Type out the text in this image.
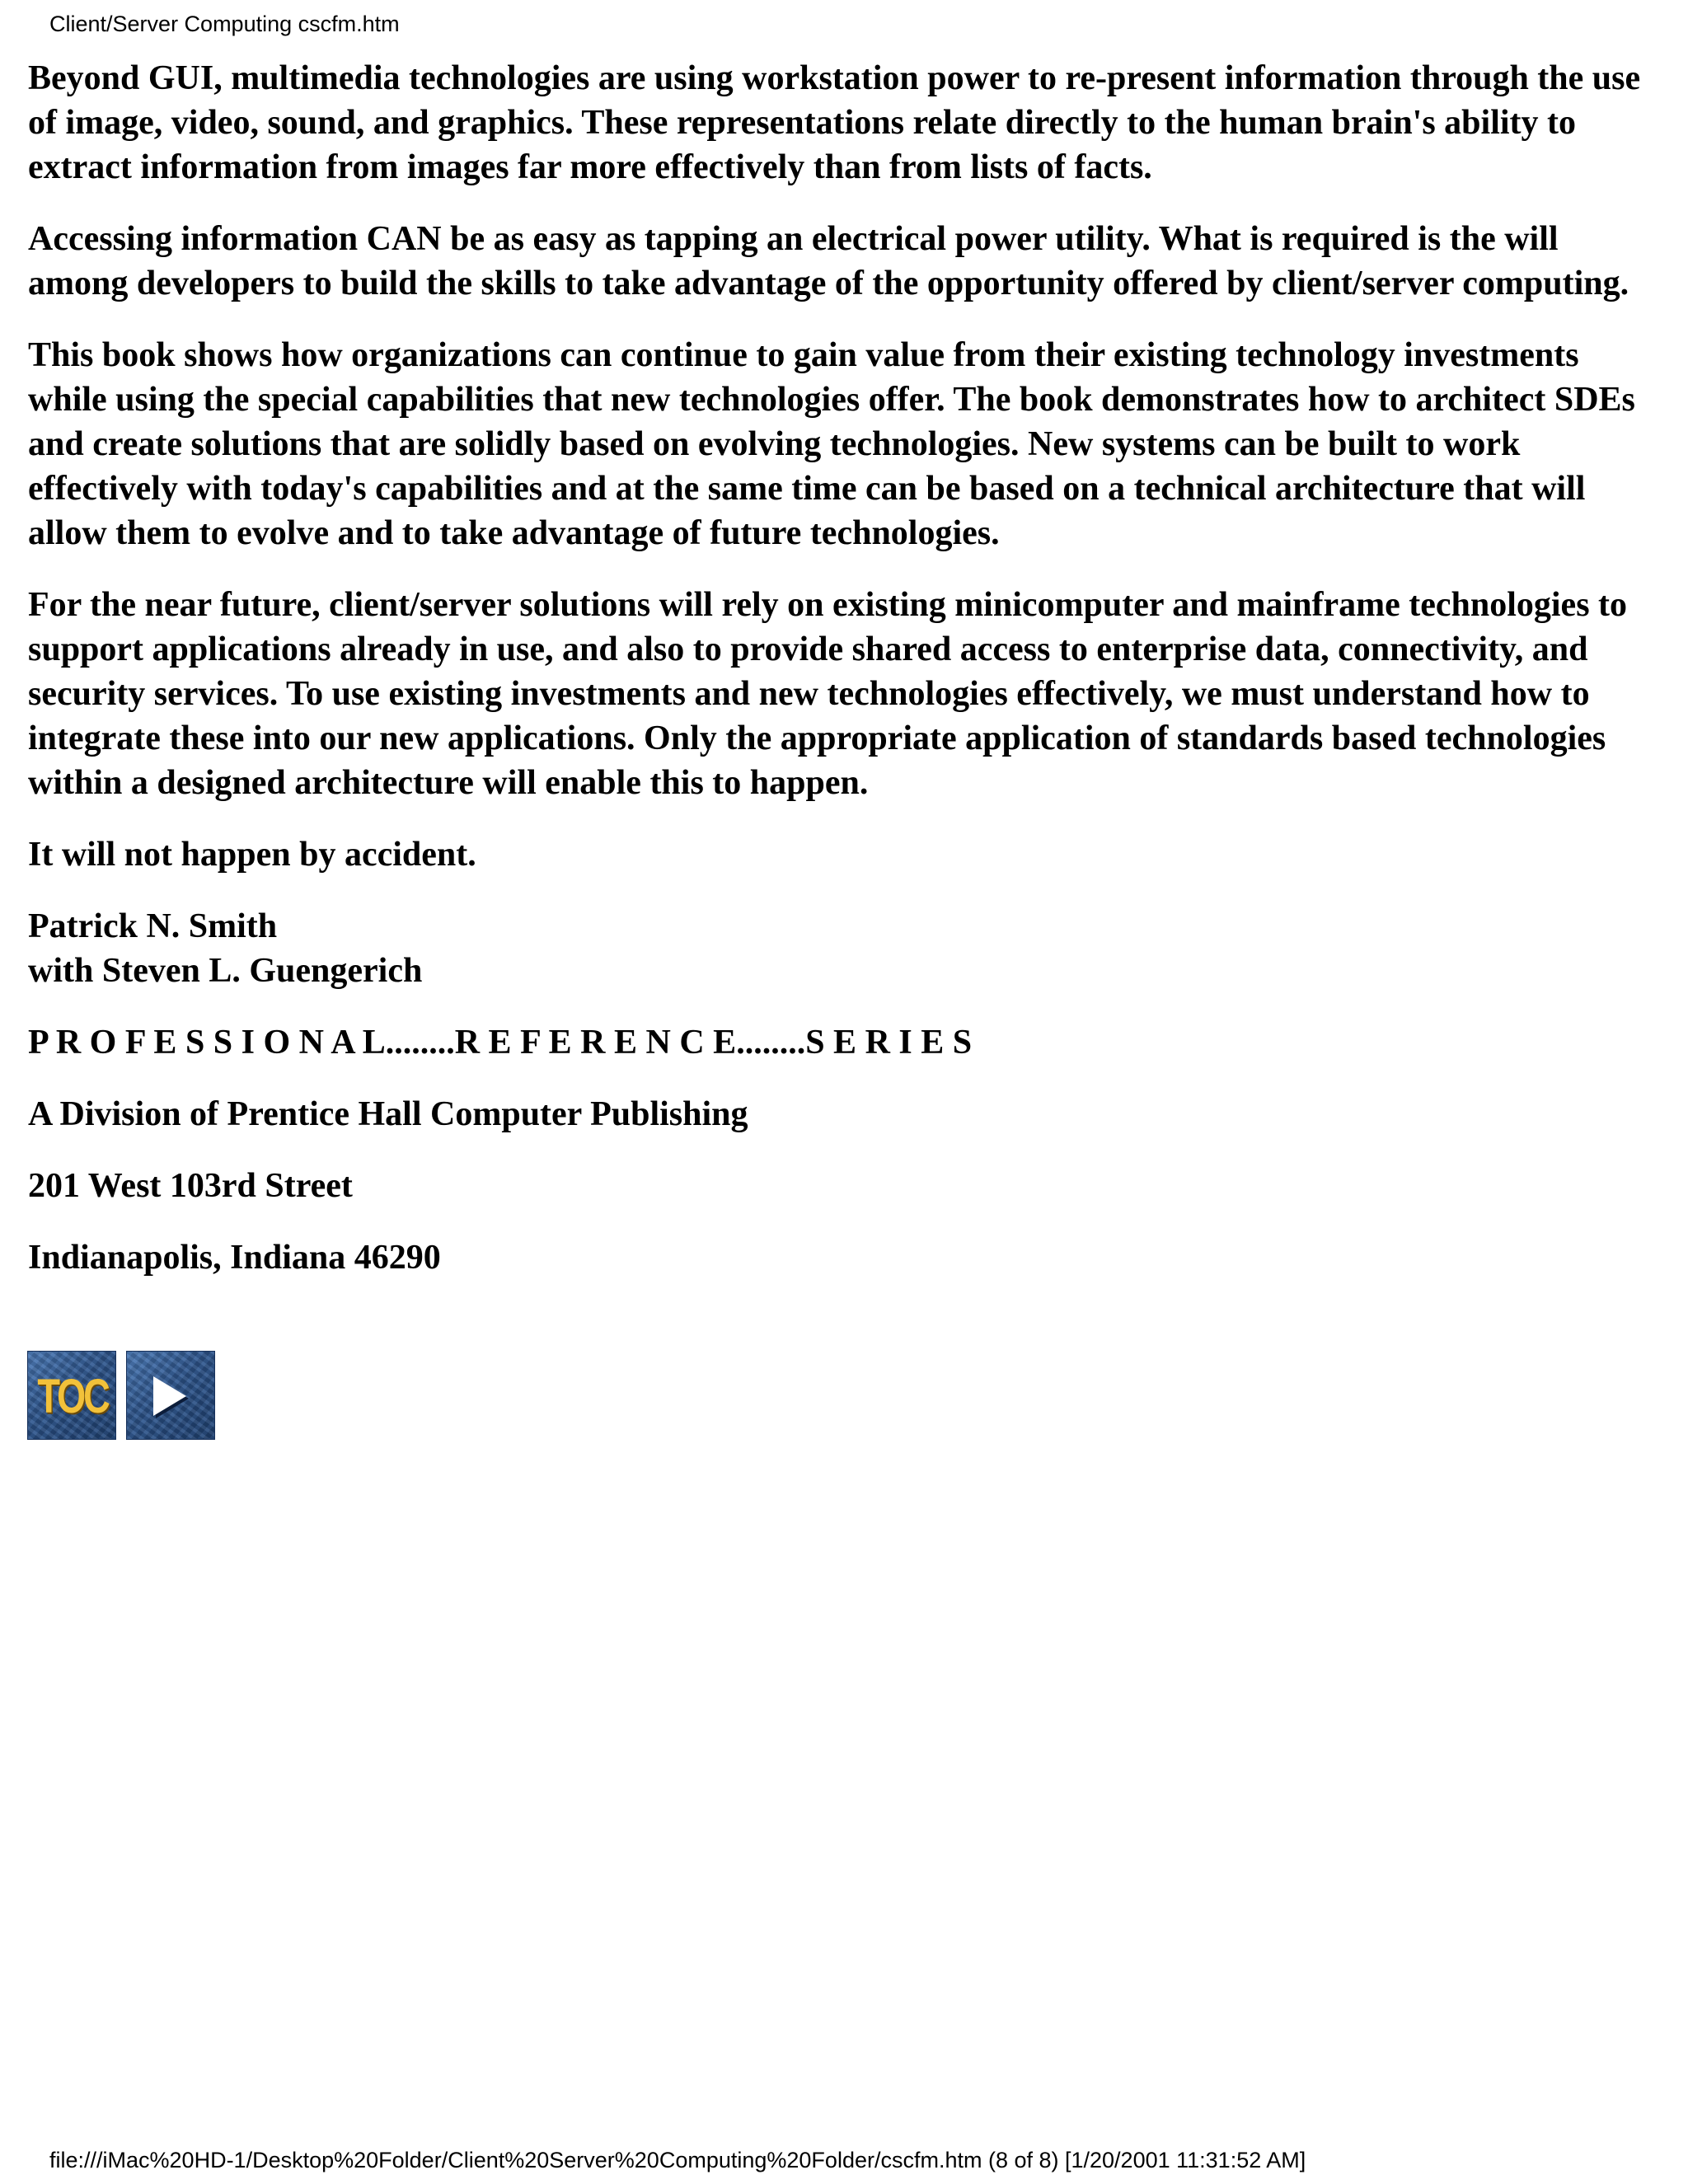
Client/Server Computing cscfm.htm

Beyond GUI, multimedia technologies are using workstation power to re-present information through the use of image, video, sound, and graphics. These representations relate directly to the human brain's ability to extract information from images far more effectively than from lists of facts.

Accessing information CAN be as easy as tapping an electrical power utility. What is required is the will among developers to build the skills to take advantage of the opportunity offered by client/server computing.

This book shows how organizations can continue to gain value from their existing technology investments while using the special capabilities that new technologies offer. The book demonstrates how to architect SDEs and create solutions that are solidly based on evolving technologies. New systems can be built to work effectively with today's capabilities and at the same time can be based on a technical architecture that will allow them to evolve and to take advantage of future technologies.

For the near future, client/server solutions will rely on existing minicomputer and mainframe technologies to support applications already in use, and also to provide shared access to enterprise data, connectivity, and security services. To use existing investments and new technologies effectively, we must understand how to integrate these into our new applications. Only the appropriate application of standards based technologies within a designed architecture will enable this to happen.

It will not happen by accident.

Patrick N. Smith
with Steven L. Guengerich

P R O F E S S I O N A L........R E F E R E N C E........S E R I E S

A Division of Prentice Hall Computer Publishing

201 West 103rd Street

Indianapolis, Indiana 46290

TOC
file:///iMac%20HD-1/Desktop%20Folder/Client%20Server%20Computing%20Folder/cscfm.htm (8 of 8) [1/20/2001 11:31:52 AM]
